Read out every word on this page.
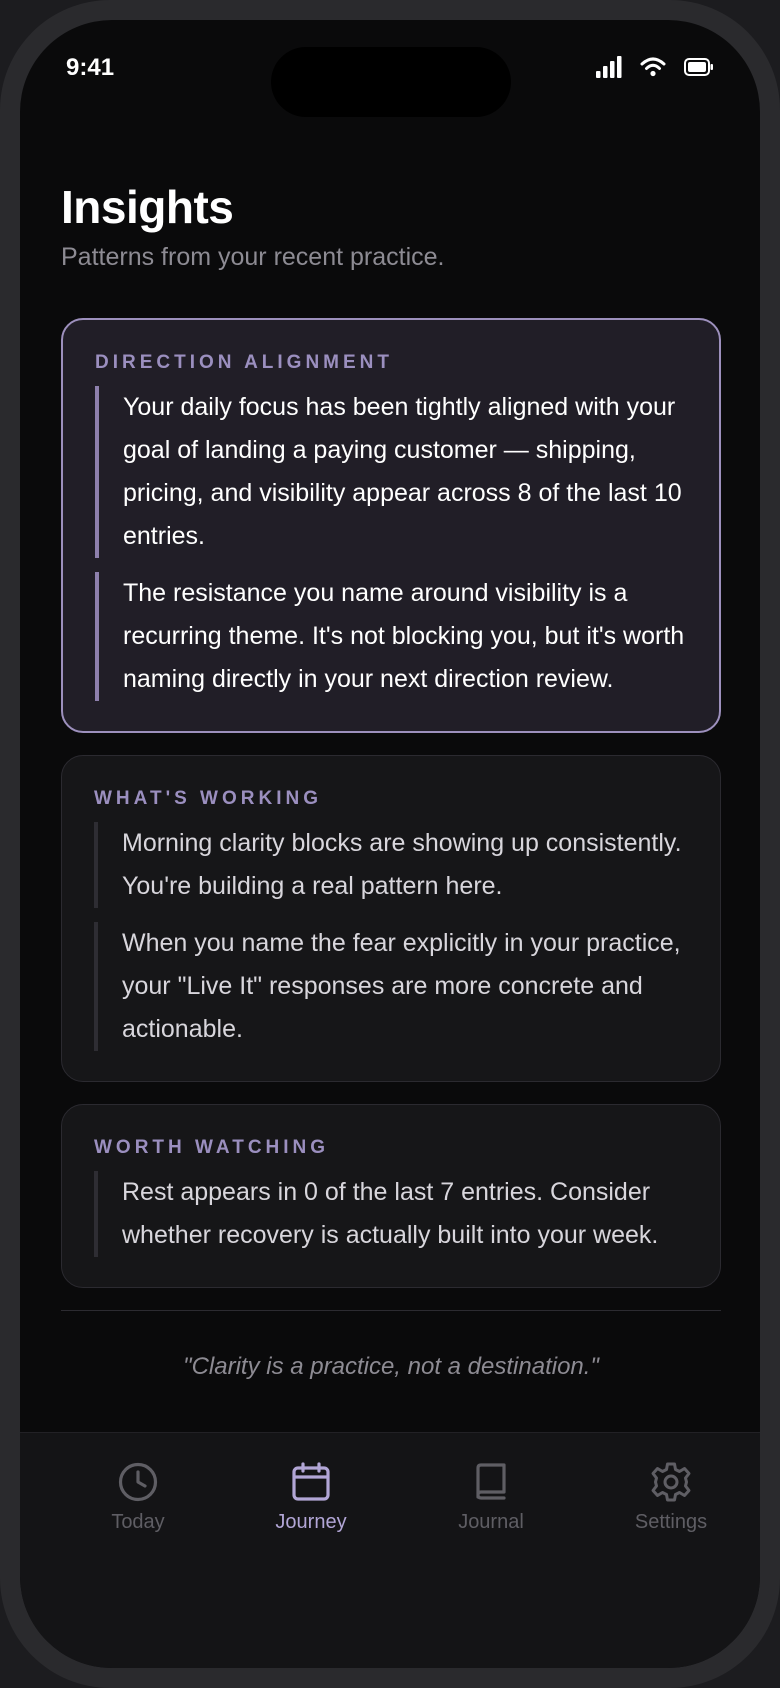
9:41
Insights
Patterns from your recent practice.
DIRECTION ALIGNMENT
Your daily focus has been tightly aligned with your goal of landing a paying customer — shipping, pricing, and visibility appear across 8 of the last 10 entries.
The resistance you name around visibility is a recurring theme. It's not blocking you, but it's worth naming directly in your next direction review.
WHAT'S WORKING
Morning clarity blocks are showing up consistently. You're building a real pattern here.
When you name the fear explicitly in your practice, your "Live It" responses are more concrete and actionable.
WORTH WATCHING
Rest appears in 0 of the last 7 entries. Consider whether recovery is actually built into your week.
"Clarity is a practice, not a destination."
Today	Journey	Journal	Settings
